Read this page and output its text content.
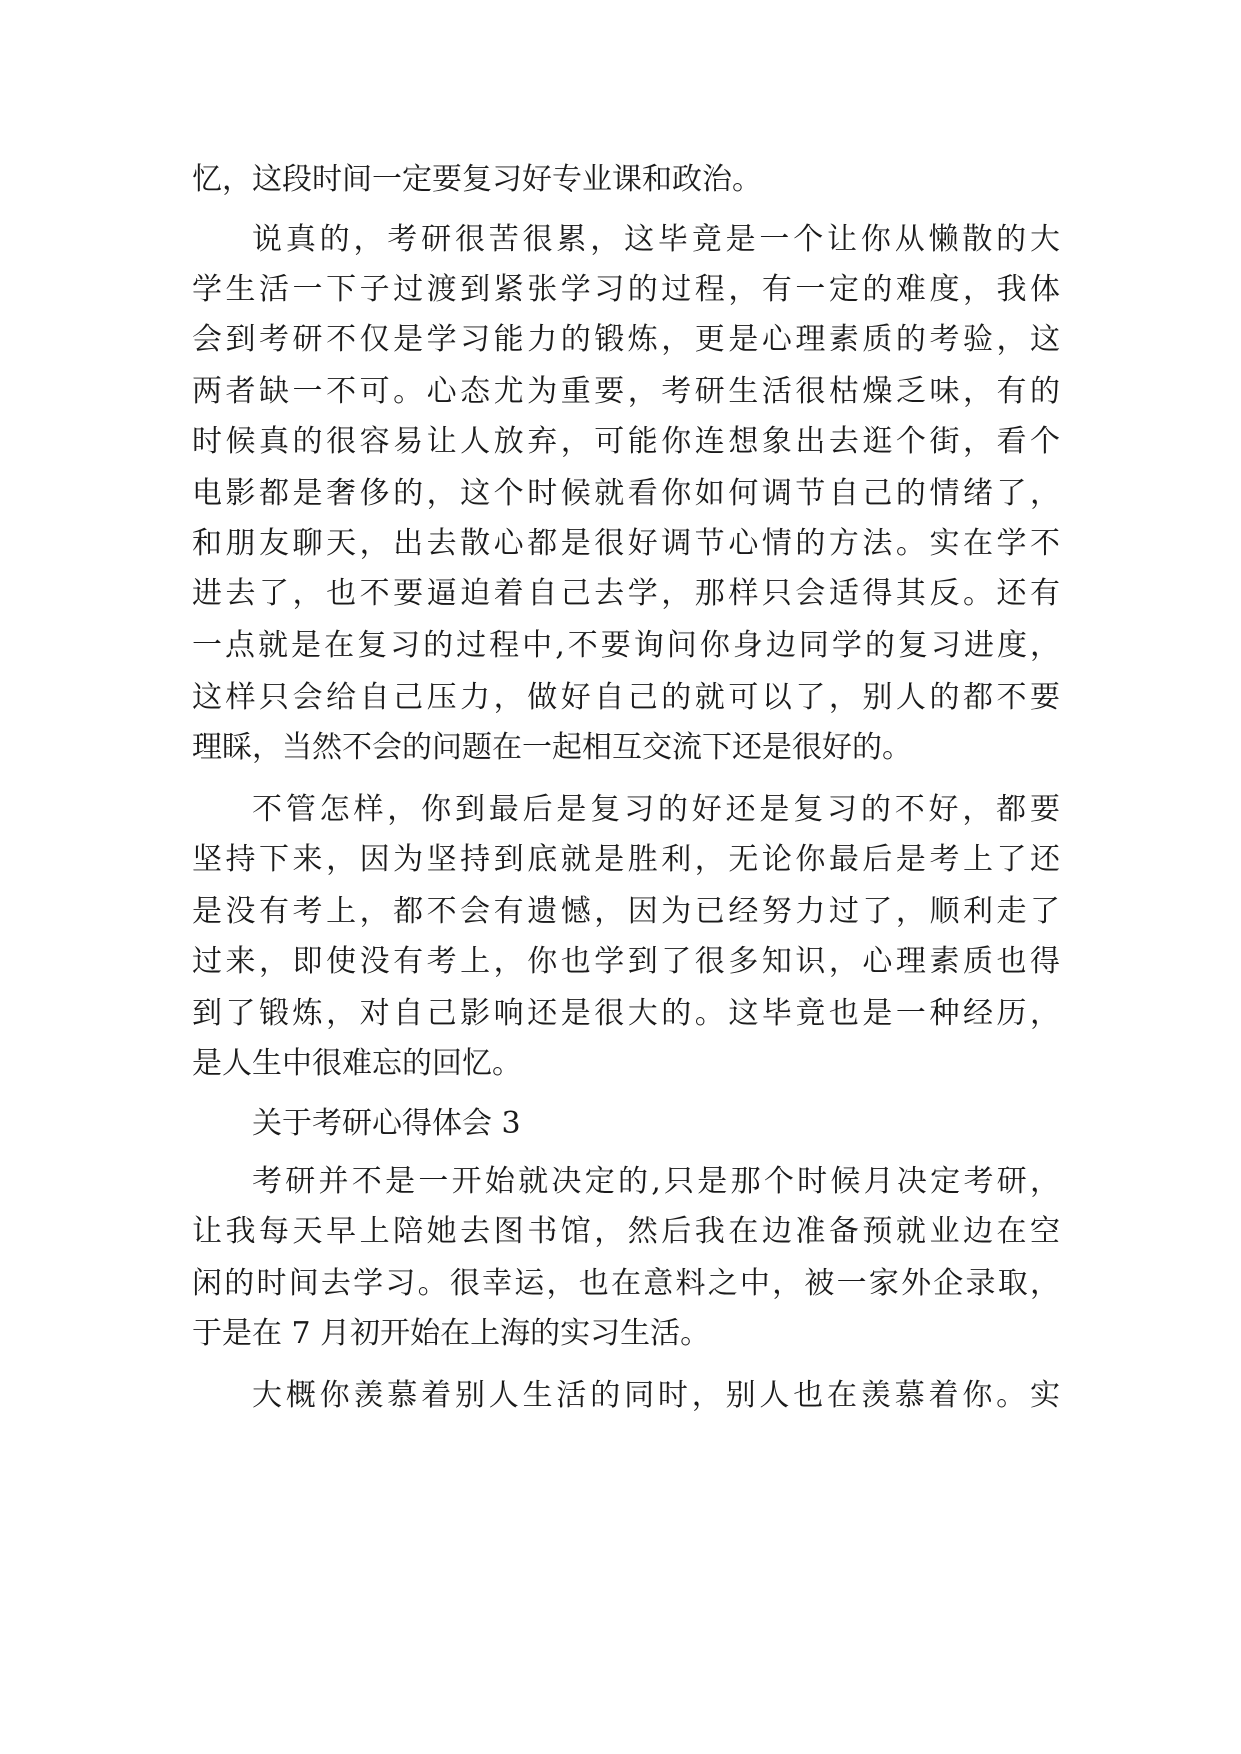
忆，这段时间一定要复习好专业课和政治。
说真的，考研很苦很累，这毕竟是一个让你从懒散的大
学生活一下子过渡到紧张学习的过程，有一定的难度，我体
会到考研不仅是学习能力的锻炼，更是心理素质的考验，这
两者缺一不可。心态尤为重要，考研生活很枯燥乏味，有的
时候真的很容易让人放弃，可能你连想象出去逛个街，看个
电影都是奢侈的，这个时候就看你如何调节自己的情绪了，
和朋友聊天，出去散心都是很好调节心情的方法。实在学不
进去了，也不要逼迫着自己去学，那样只会适得其反。还有
一点就是在复习的过程中,不要询问你身边同学的复习进度，
这样只会给自己压力，做好自己的就可以了，别人的都不要
理睬，当然不会的问题在一起相互交流下还是很好的。
不管怎样，你到最后是复习的好还是复习的不好，都要
坚持下来，因为坚持到底就是胜利，无论你最后是考上了还
是没有考上，都不会有遗憾，因为已经努力过了，顺利走了
过来，即使没有考上，你也学到了很多知识，心理素质也得
到了锻炼，对自己影响还是很大的。这毕竟也是一种经历，
是人生中很难忘的回忆。
关于考研心得体会 3
考研并不是一开始就决定的,只是那个时候月决定考研，
让我每天早上陪她去图书馆，然后我在边准备预就业边在空
闲的时间去学习。很幸运，也在意料之中，被一家外企录取，
于是在 7 月初开始在上海的实习生活。
大概你羡慕着别人生活的同时，别人也在羡慕着你。实
